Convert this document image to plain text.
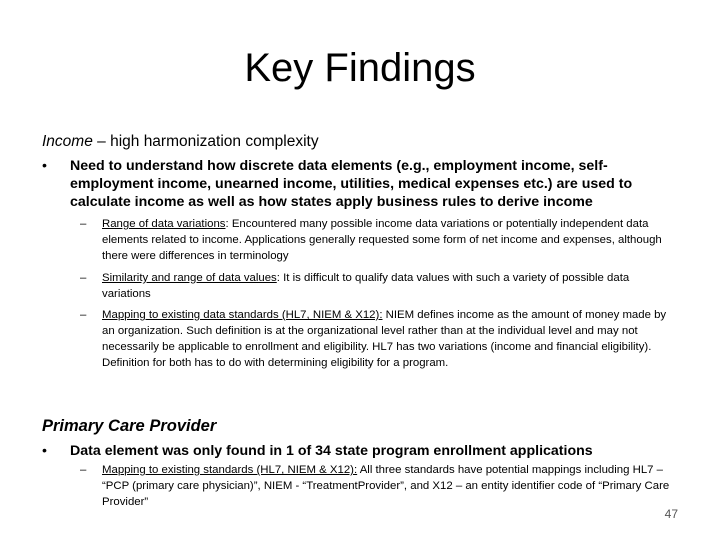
Key Findings
Income – high harmonization complexity
•	Need to understand how discrete data elements (e.g., employment income, self-employment income, unearned income, utilities, medical expenses etc.) are used to calculate income as well as how states apply business rules to derive income
–	Range of data variations: Encountered many possible income data variations or potentially independent data elements related to income. Applications generally requested some form of net income and expenses, although there were differences in terminology
–	Similarity and range of data values: It is difficult to qualify data values with such a variety of possible data variations
–	Mapping to existing data standards (HL7, NIEM & X12): NIEM defines income as the amount of money made by an organization. Such definition is at the organizational level rather than at the individual level and may not necessarily be applicable to enrollment and eligibility. HL7 has two variations (income and financial eligibility). Definition for both has to do with determining eligibility for a program.
Primary Care Provider
•	Data element was only found in 1 of 34 state program enrollment applications
–	Mapping to existing standards (HL7, NIEM & X12): All three standards have potential mappings including HL7 – “PCP (primary care physician)”, NIEM - “TreatmentProvider”, and X12 – an entity identifier code of “Primary Care Provider”
47
